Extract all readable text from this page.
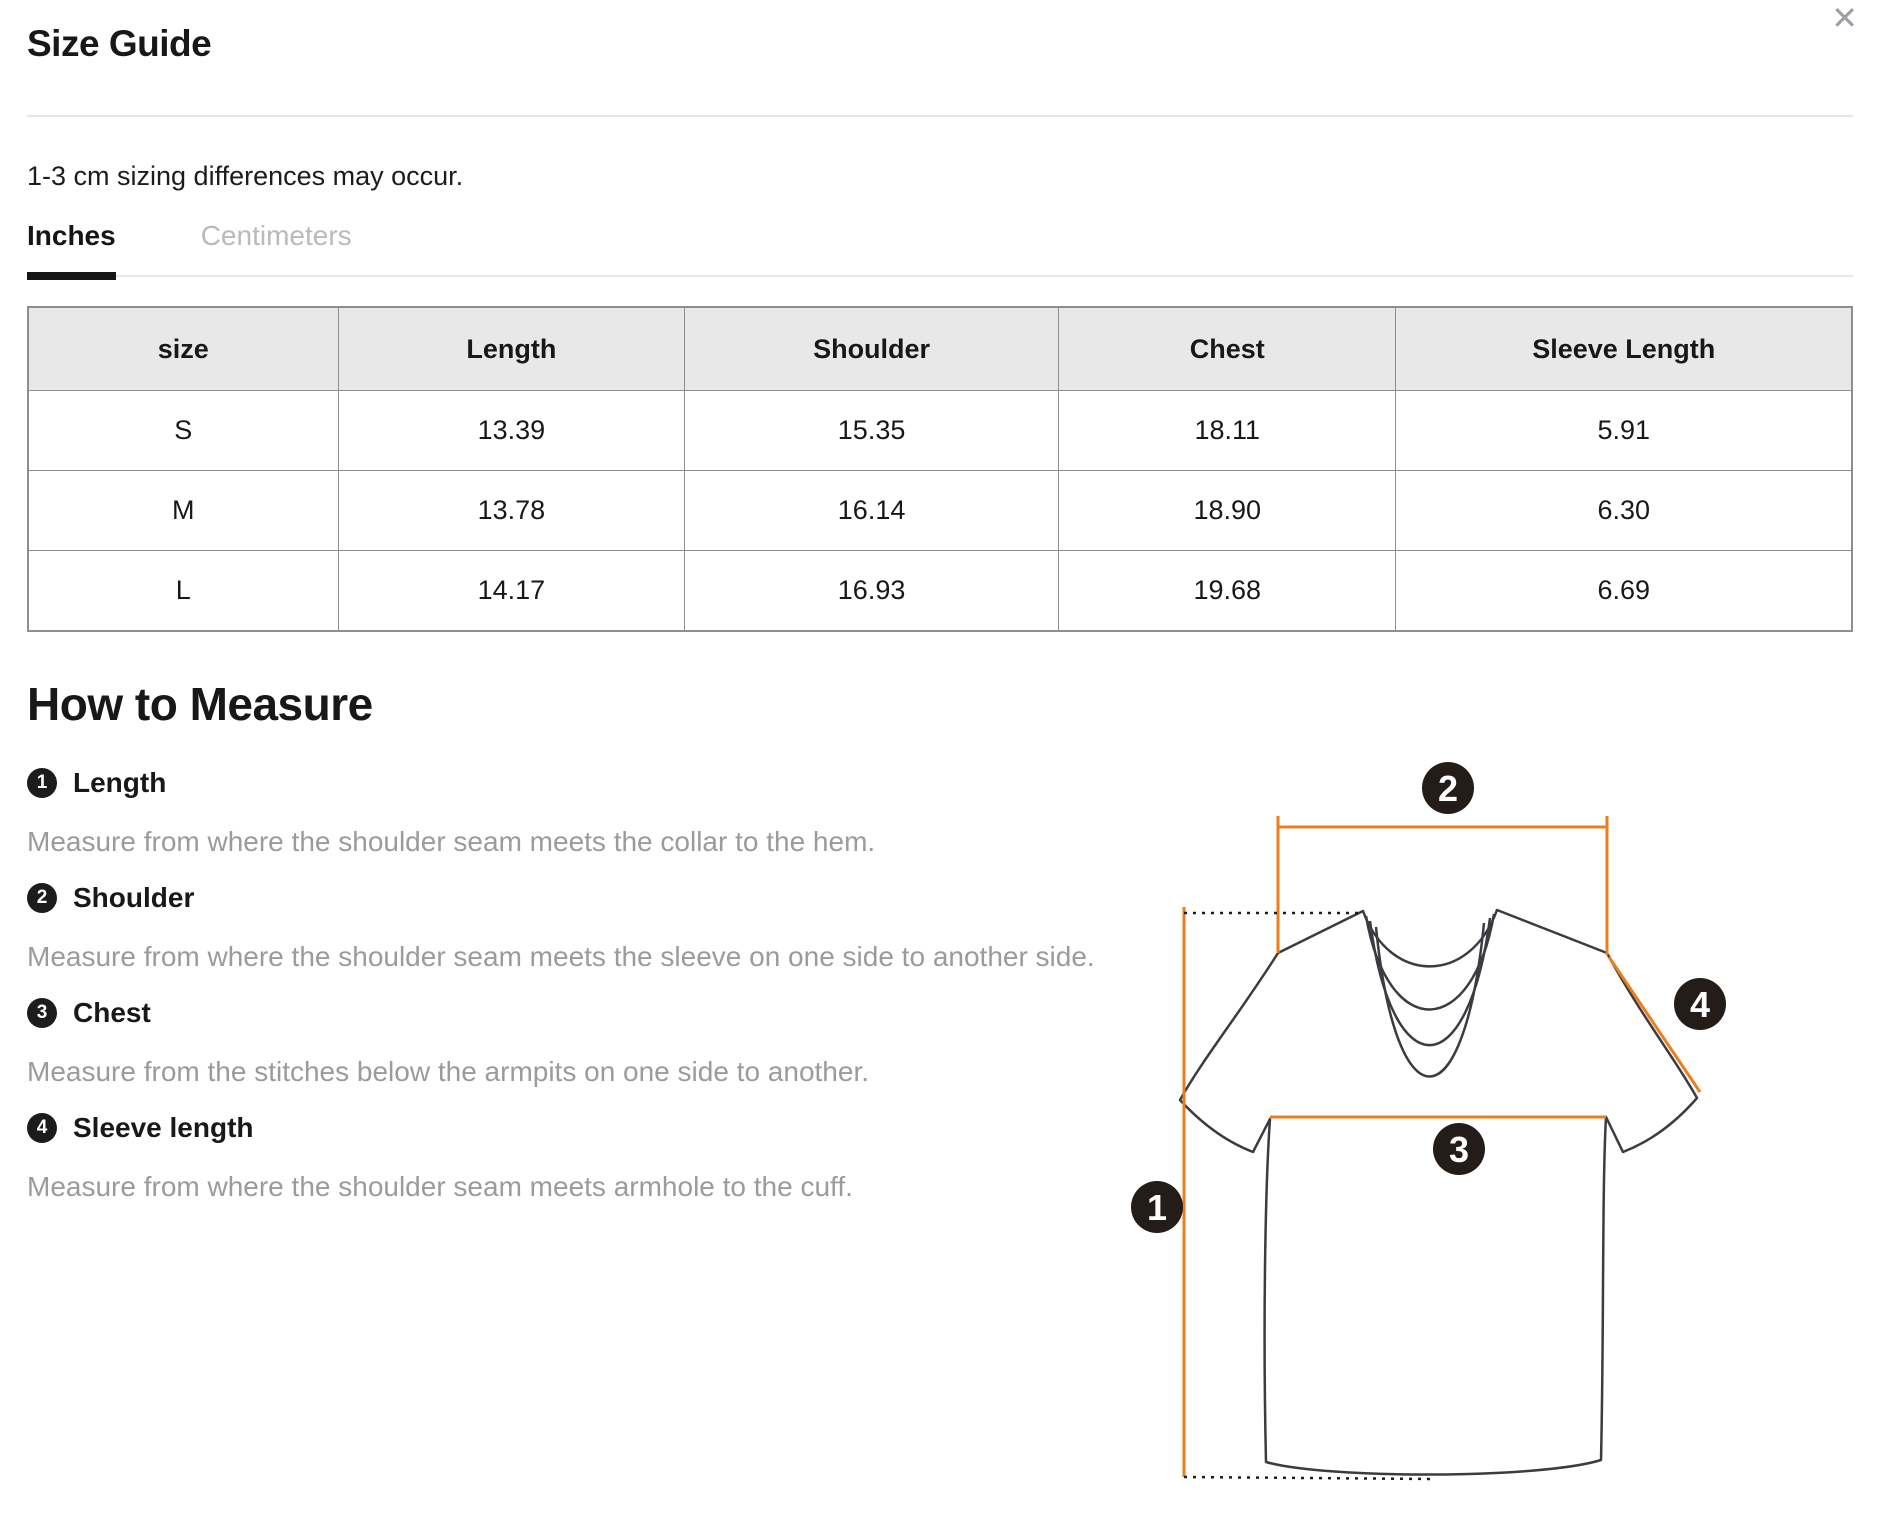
✕
Size Guide
1-3 cm sizing differences may occur.
Inches	Centimeters
size	Length	Shoulder	Chest	Sleeve Length
S	13.39	15.35	18.11	5.91
M	13.78	16.14	18.90	6.30
L	14.17	16.93	19.68	6.69
How to Measure
1 Length
Measure from where the shoulder seam meets the collar to the hem.
2 Shoulder
Measure from where the shoulder seam meets the sleeve on one side to another side.
3 Chest
Measure from the stitches below the armpits on one side to another.
4 Sleeve length
Measure from where the shoulder seam meets armhole to the cuff.
1
2
3
4
